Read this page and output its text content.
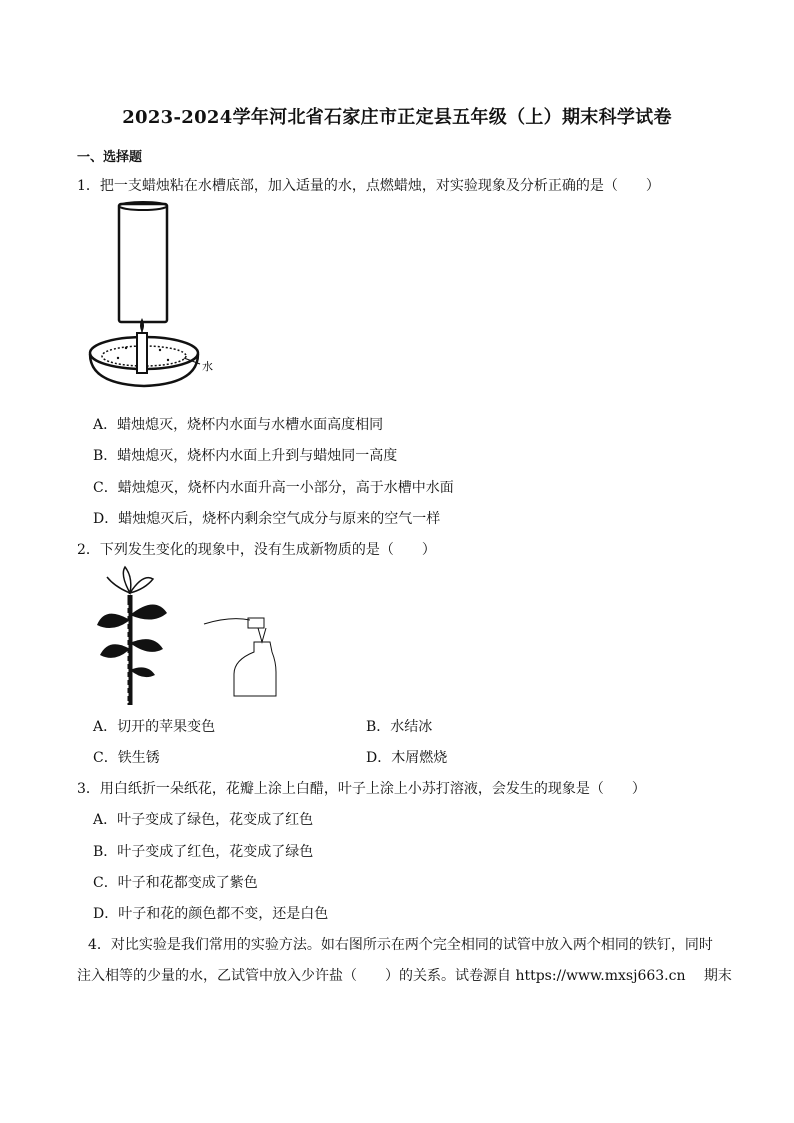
2023-2024学年河北省石家庄市正定县五年级（上）期末科学试卷
一、选择题
1．把一支蜡烛粘在水槽底部，加入适量的水，点燃蜡烛，对实验现象及分析正确的是（　　）
水
A．蜡烛熄灭，烧杯内水面与水槽水面高度相同
B．蜡烛熄灭，烧杯内水面上升到与蜡烛同一高度
C．蜡烛熄灭，烧杯内水面升高一小部分，高于水槽中水面
D．蜡烛熄灭后，烧杯内剩余空气成分与原来的空气一样
2．下列发生变化的现象中，没有生成新物质的是（　　）
A．切开的苹果变色	B．水结冰
C．铁生锈	D．木屑燃烧
3．用白纸折一朵纸花，花瓣上涂上白醋，叶子上涂上小苏打溶液，会发生的现象是（　　）
A．叶子变成了绿色，花变成了红色
B．叶子变成了红色，花变成了绿色
C．叶子和花都变成了紫色
D．叶子和花的颜色都不变，还是白色
4．对比实验是我们常用的实验方法。如右图所示在两个完全相同的试管中放入两个相同的铁钉，同时
注入相等的少量的水，乙试管中放入少许盐（　　）的关系。试卷源自 https://www.mxsj663.cn　 期末
